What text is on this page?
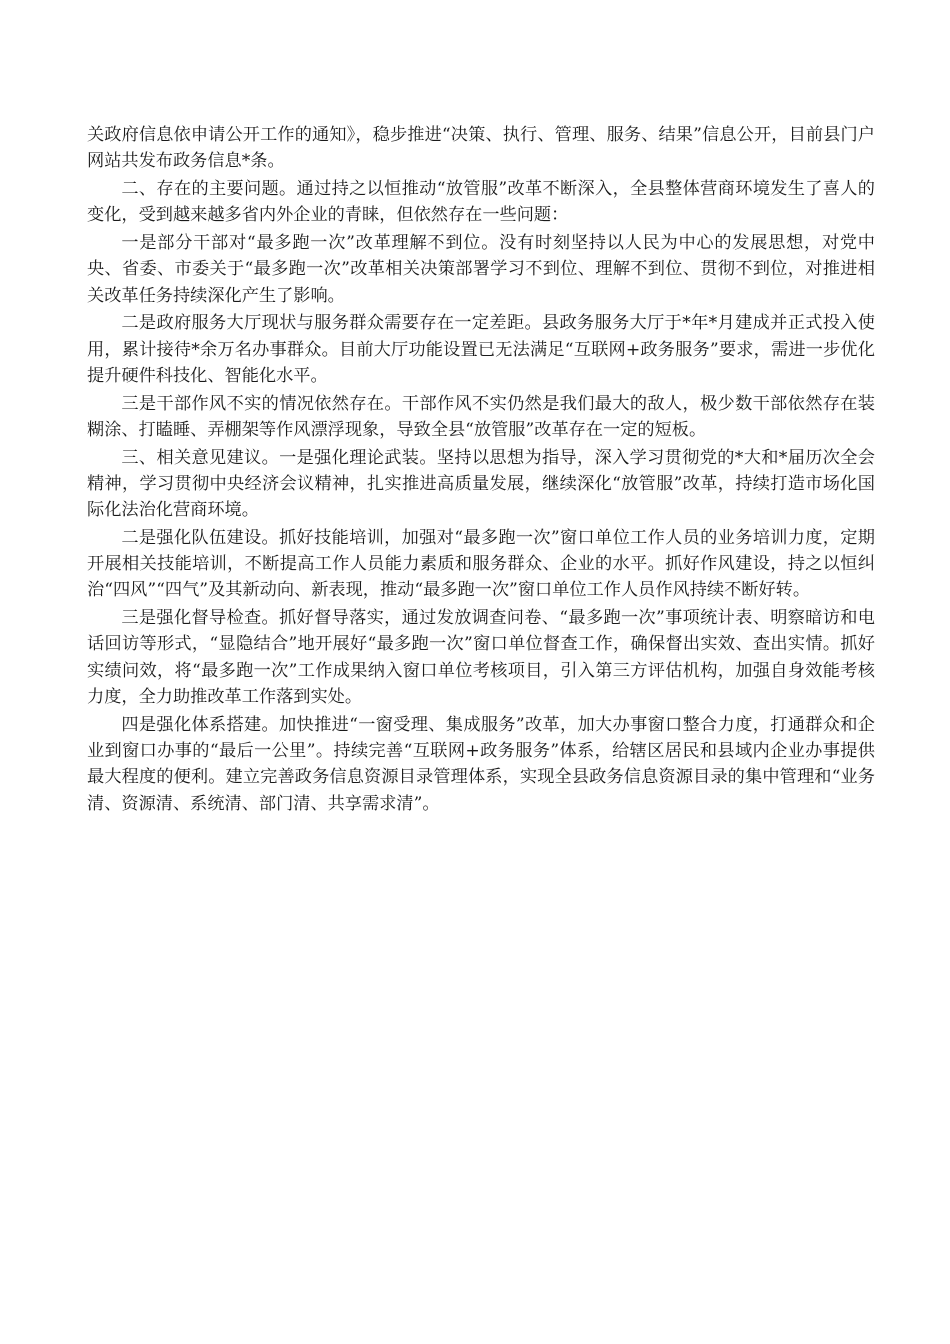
关政府信息依申请公开工作的通知》，稳步推进“决策、执行、管理、服务、结果”信息公开，目前县门户网站共发布政务信息*条。

二、存在的主要问题。通过持之以恒推动“放管服”改革不断深入，全县整体营商环境发生了喜人的变化，受到越来越多省内外企业的青睐，但依然存在一些问题：

一是部分干部对“最多跑一次”改革理解不到位。没有时刻坚持以人民为中心的发展思想，对党中央、省委、市委关于“最多跑一次”改革相关决策部署学习不到位、理解不到位、贯彻不到位，对推进相关改革任务持续深化产生了影响。

二是政府服务大厅现状与服务群众需要存在一定差距。县政务服务大厅于*年*月建成并正式投入使用，累计接待*余万名办事群众。目前大厅功能设置已无法满足“互联网+政务服务”要求，需进一步优化提升硬件科技化、智能化水平。

三是干部作风不实的情况依然存在。干部作风不实仍然是我们最大的敌人，极少数干部依然存在装糊涂、打瞌睡、弄棚架等作风漂浮现象，导致全县“放管服”改革存在一定的短板。

三、相关意见建议。一是强化理论武装。坚持以思想为指导，深入学习贯彻党的*大和*届历次全会精神，学习贯彻中央经济会议精神，扎实推进高质量发展，继续深化“放管服”改革，持续打造市场化国际化法治化营商环境。

二是强化队伍建设。抓好技能培训，加强对“最多跑一次”窗口单位工作人员的业务培训力度，定期开展相关技能培训，不断提高工作人员能力素质和服务群众、企业的水平。抓好作风建设，持之以恒纠治“四风”“四气”及其新动向、新表现，推动“最多跑一次”窗口单位工作人员作风持续不断好转。

三是强化督导检查。抓好督导落实，通过发放调查问卷、“最多跑一次”事项统计表、明察暗访和电话回访等形式，“显隐结合”地开展好“最多跑一次”窗口单位督查工作，确保督出实效、查出实情。抓好实绩问效，将“最多跑一次”工作成果纳入窗口单位考核项目，引入第三方评估机构，加强自身效能考核力度，全力助推改革工作落到实处。

四是强化体系搭建。加快推进“一窗受理、集成服务”改革，加大办事窗口整合力度，打通群众和企业到窗口办事的“最后一公里”。持续完善“互联网+政务服务”体系，给辖区居民和县域内企业办事提供最大程度的便利。建立完善政务信息资源目录管理体系，实现全县政务信息资源目录的集中管理和“业务清、资源清、系统清、部门清、共享需求清”。
